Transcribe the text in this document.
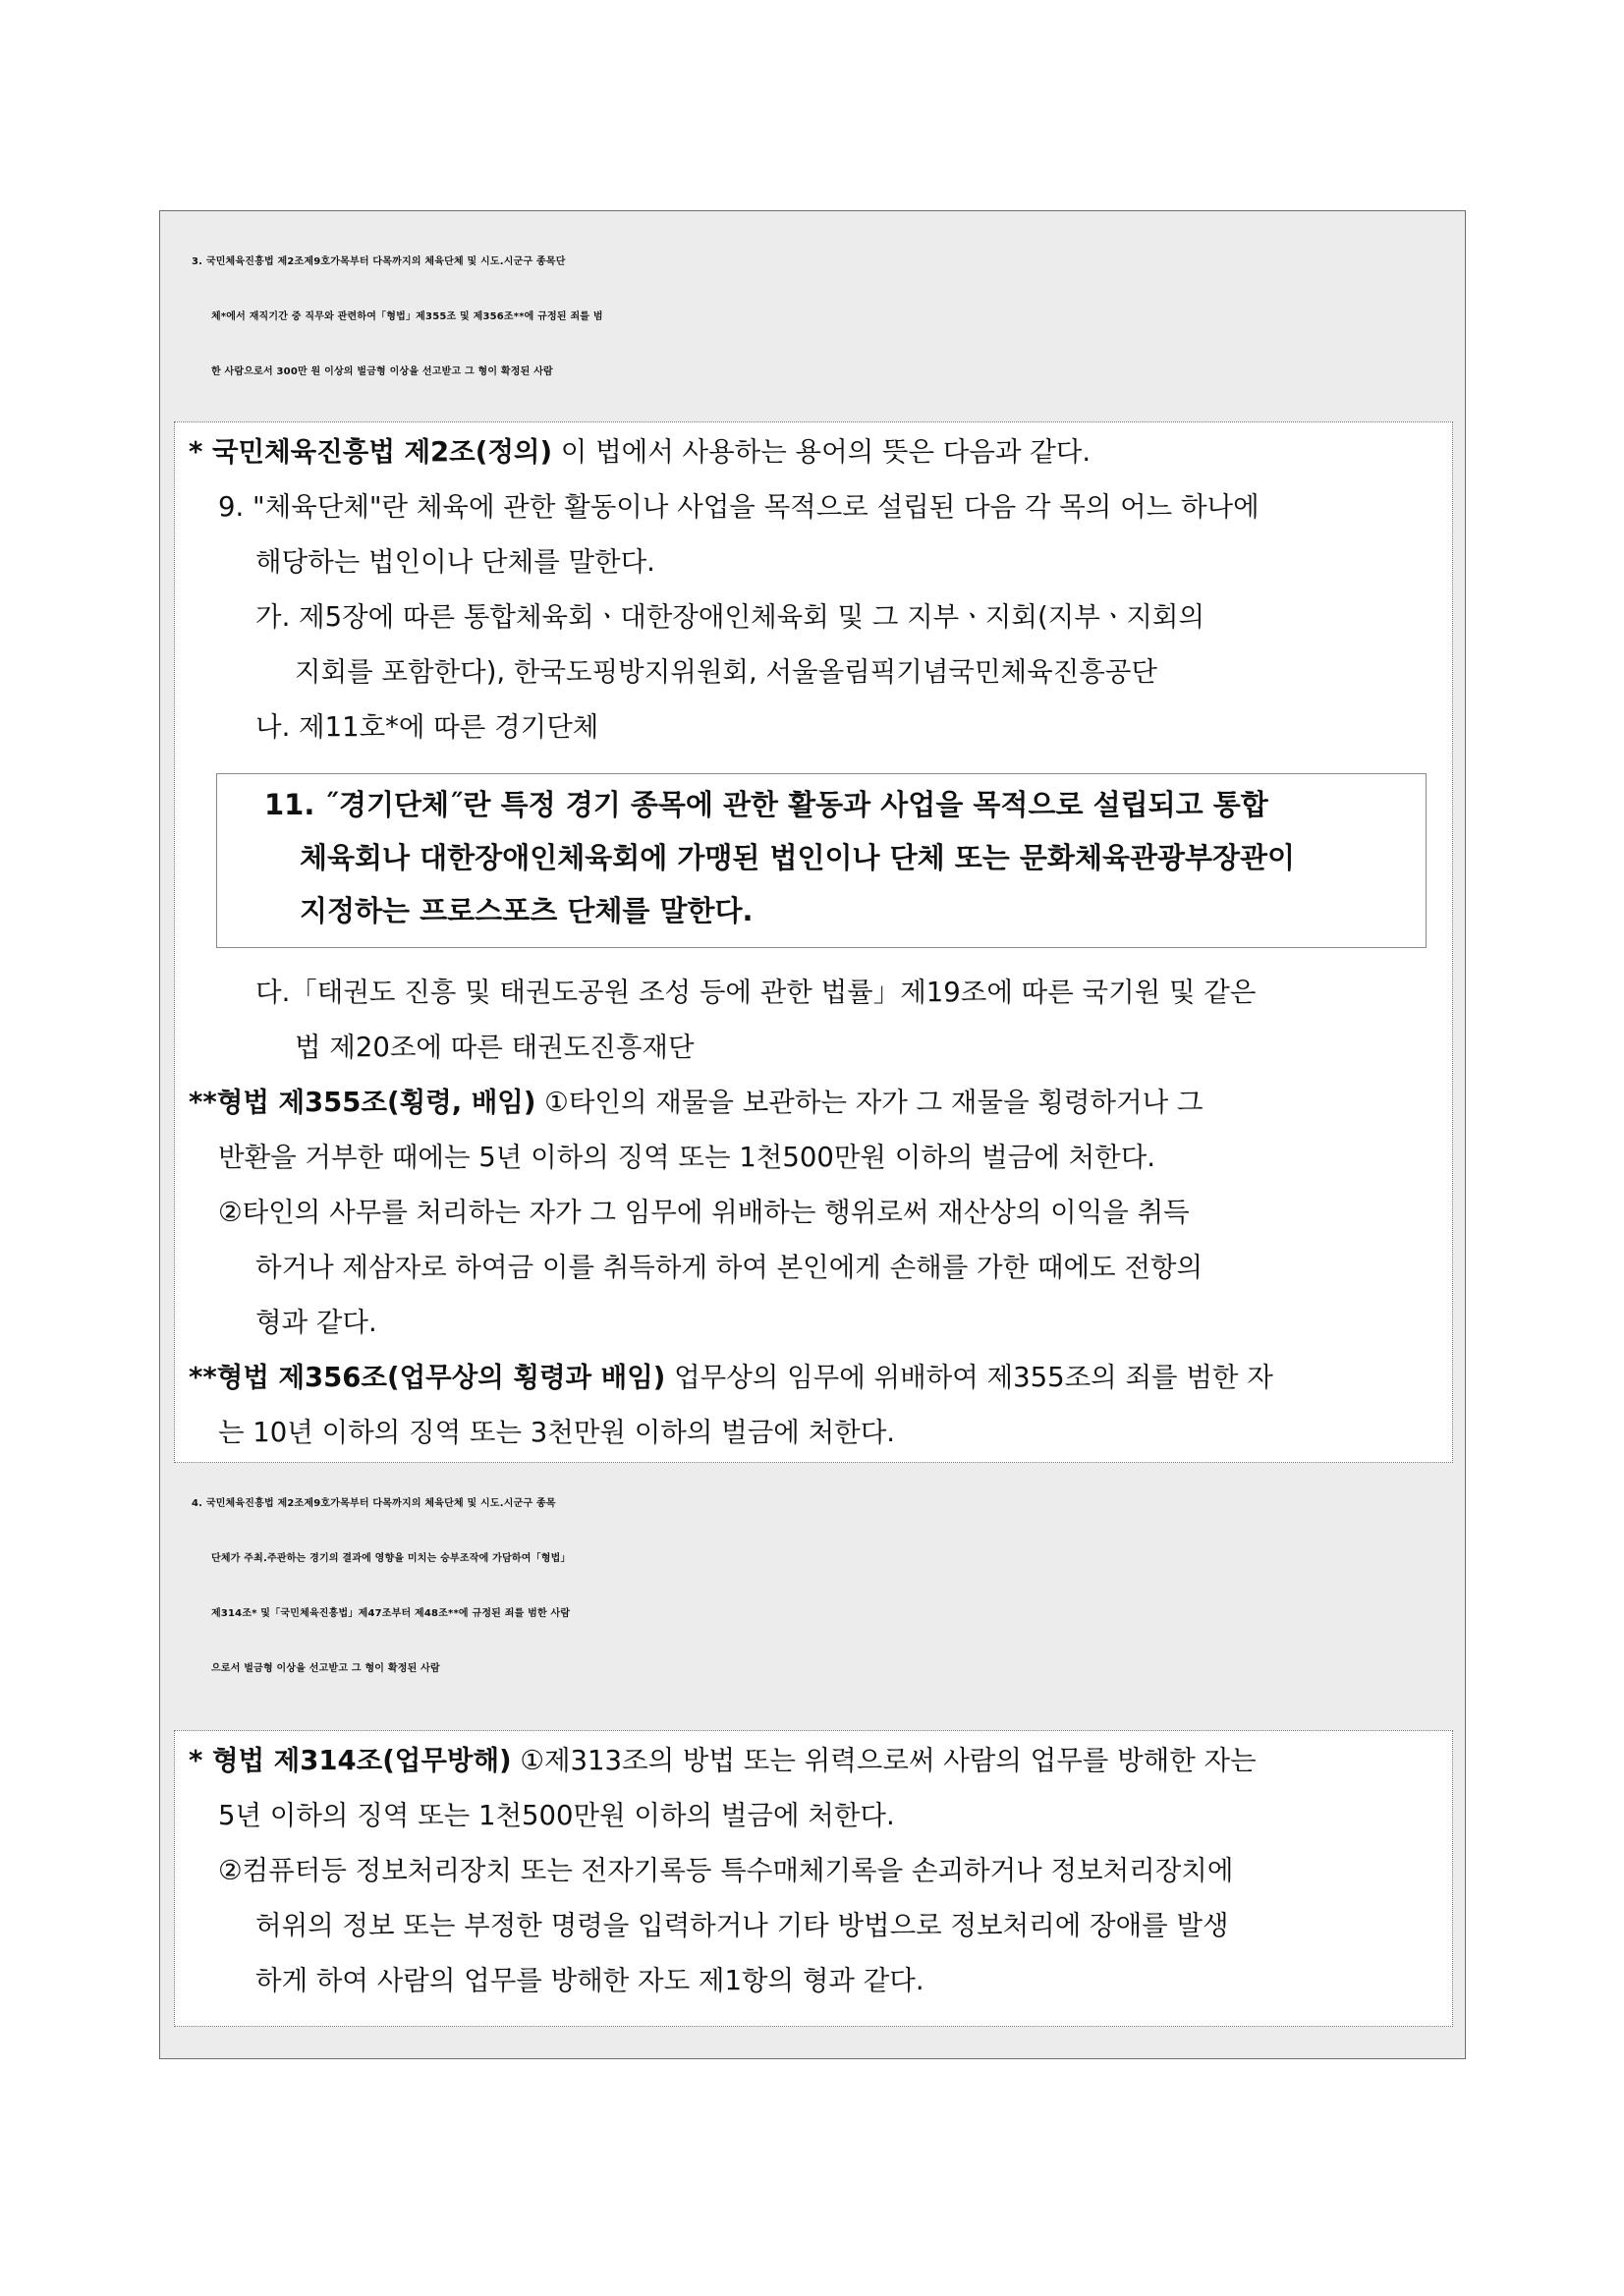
3. 국민체육진흥법 제2조제9호가목부터 다목까지의 체육단체 및 시도.시군구 종목단
체*에서 재직기간 중 직무와 관련하여「형법」제355조 및 제356조**에 규정된 죄를 범
한 사람으로서 300만 원 이상의 벌금형 이상을 선고받고 그 형이 확정된 사람
* 국민체육진흥법 제2조(정의) 이 법에서 사용하는 용어의 뜻은 다음과 같다.
9. "체육단체"란 체육에 관한 활동이나 사업을 목적으로 설립된 다음 각 목의 어느 하나에
해당하는 법인이나 단체를 말한다.
가. 제5장에 따른 통합체육회ㆍ대한장애인체육회 및 그 지부ㆍ지회(지부ㆍ지회의
지회를 포함한다), 한국도핑방지위원회, 서울올림픽기념국민체육진흥공단
나. 제11호*에 따른 경기단체
11. ˝경기단체˝란 특정 경기 종목에 관한 활동과 사업을 목적으로 설립되고 통합
체육회나 대한장애인체육회에 가맹된 법인이나 단체 또는 문화체육관광부장관이
지정하는 프로스포츠 단체를 말한다.
다.「태권도 진흥 및 태권도공원 조성 등에 관한 법률」제19조에 따른 국기원 및 같은
법 제20조에 따른 태권도진흥재단
**형법 제355조(횡령, 배임) ①타인의 재물을 보관하는 자가 그 재물을 횡령하거나 그
반환을 거부한 때에는 5년 이하의 징역 또는 1천500만원 이하의 벌금에 처한다.
②타인의 사무를 처리하는 자가 그 임무에 위배하는 행위로써 재산상의 이익을 취득
하거나 제삼자로 하여금 이를 취득하게 하여 본인에게 손해를 가한 때에도 전항의
형과 같다.
**형법 제356조(업무상의 횡령과 배임) 업무상의 임무에 위배하여 제355조의 죄를 범한 자
는 10년 이하의 징역 또는 3천만원 이하의 벌금에 처한다.
4. 국민체육진흥법 제2조제9호가목부터 다목까지의 체육단체 및 시도.시군구 종목
단체가 주최.주관하는 경기의 결과에 영향을 미치는 승부조작에 가담하여「형법」
제314조* 및「국민체육진흥법」제47조부터 제48조**에 규정된 죄를 범한 사람
으로서 벌금형 이상을 선고받고 그 형이 확정된 사람
* 형법 제314조(업무방해) ①제313조의 방법 또는 위력으로써 사람의 업무를 방해한 자는
5년 이하의 징역 또는 1천500만원 이하의 벌금에 처한다.
②컴퓨터등 정보처리장치 또는 전자기록등 특수매체기록을 손괴하거나 정보처리장치에
허위의 정보 또는 부정한 명령을 입력하거나 기타 방법으로 정보처리에 장애를 발생
하게 하여 사람의 업무를 방해한 자도 제1항의 형과 같다.
